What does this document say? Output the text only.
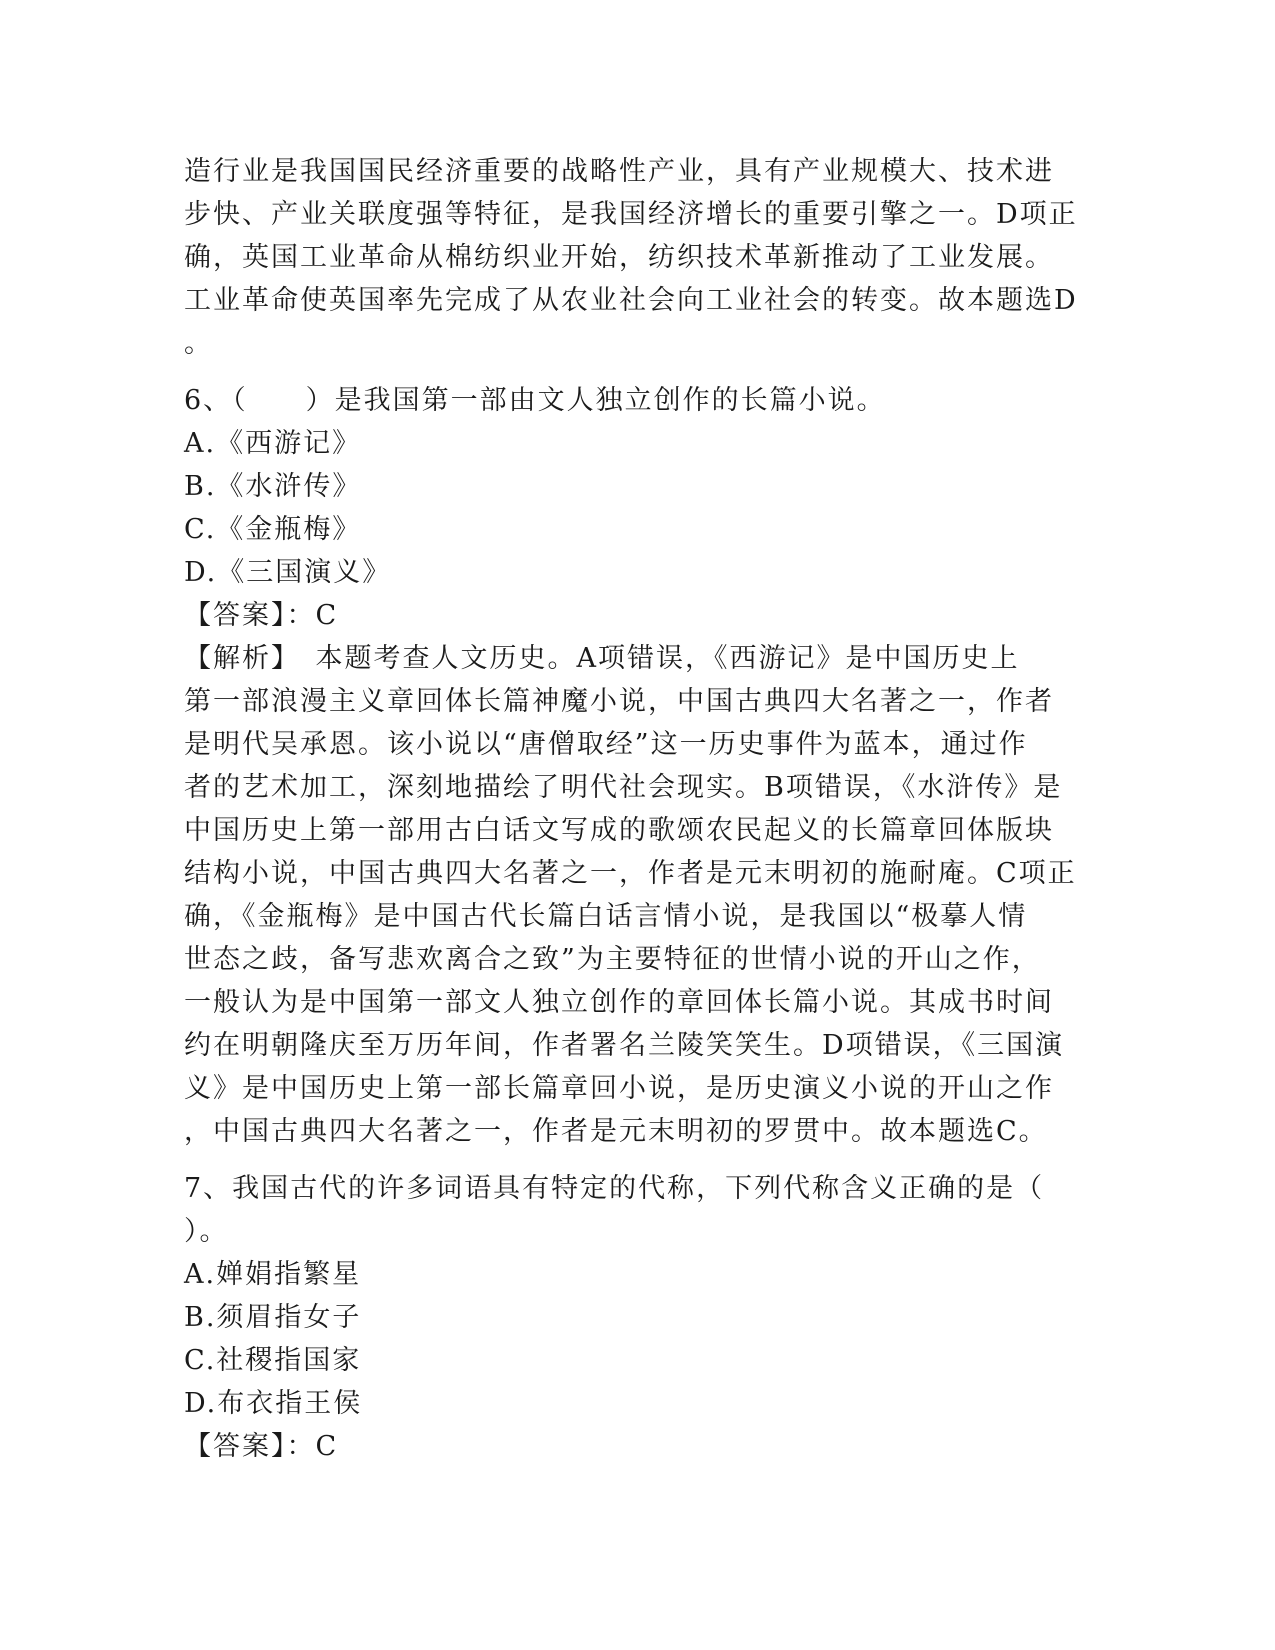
造行业是我国国民经济重要的战略性产业，具有产业规模大、技术进
步快、产业关联度强等特征，是我国经济增长的重要引擎之一。D项正
确，英国工业革命从棉纺织业开始，纺织技术革新推动了工业发展。
工业革命使英国率先完成了从农业社会向工业社会的转变。故本题选D
。
6、（　　）是我国第一部由文人独立创作的长篇小说。
A.《西游记》
B.《水浒传》
C.《金瓶梅》
D.《三国演义》
【答案】：C
【解析】　本题考查人文历史。A项错误，《西游记》是中国历史上
第一部浪漫主义章回体长篇神魔小说，中国古典四大名著之一，作者
是明代吴承恩。该小说以“唐僧取经”这一历史事件为蓝本，通过作
者的艺术加工，深刻地描绘了明代社会现实。B项错误，《水浒传》是
中国历史上第一部用古白话文写成的歌颂农民起义的长篇章回体版块
结构小说，中国古典四大名著之一，作者是元末明初的施耐庵。C项正
确，《金瓶梅》是中国古代长篇白话言情小说，是我国以“极摹人情
世态之歧，备写悲欢离合之致”为主要特征的世情小说的开山之作，
一般认为是中国第一部文人独立创作的章回体长篇小说。其成书时间
约在明朝隆庆至万历年间，作者署名兰陵笑笑生。D项错误，《三国演
义》是中国历史上第一部长篇章回小说，是历史演义小说的开山之作
，中国古典四大名著之一，作者是元末明初的罗贯中。故本题选C。
7、我国古代的许多词语具有特定的代称，下列代称含义正确的是（
）。
A.婵娟指繁星
B.须眉指女子
C.社稷指国家
D.布衣指王侯
【答案】：C
